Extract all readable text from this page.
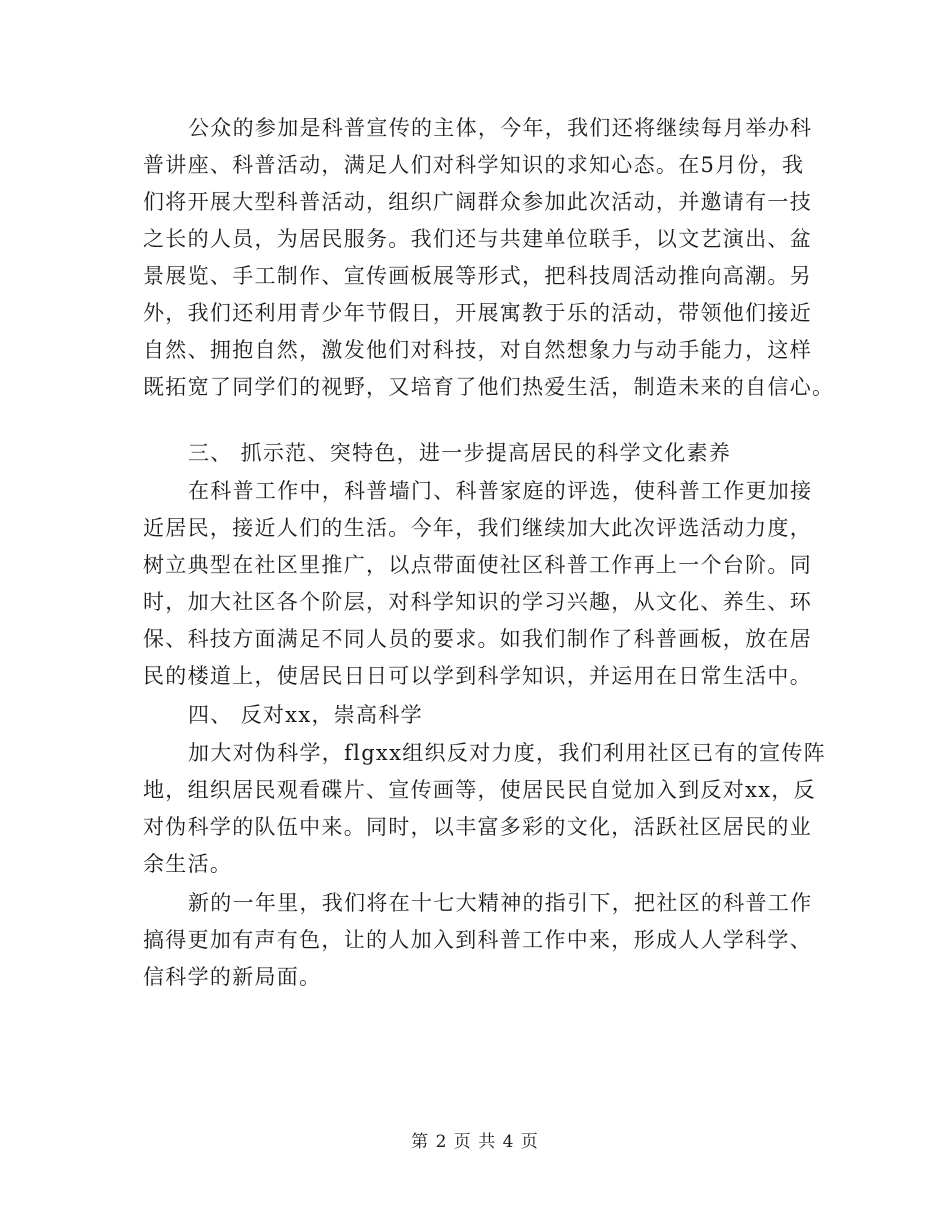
公众的参加是科普宣传的主体，今年，我们还将继续每月举办科
普讲座、科普活动，满足人们对科学知识的求知心态。在5月份，我
们将开展大型科普活动，组织广阔群众参加此次活动，并邀请有一技
之长的人员，为居民服务。我们还与共建单位联手，以文艺演出、盆
景展览、手工制作、宣传画板展等形式，把科技周活动推向高潮。另
外，我们还利用青少年节假日，开展寓教于乐的活动，带领他们接近
自然、拥抱自然，激发他们对科技，对自然想象力与动手能力，这样
既拓宽了同学们的视野，又培育了他们热爱生活，制造未来的自信心。
三、 抓示范、突特色，进一步提高居民的科学文化素养
在科普工作中，科普墙门、科普家庭的评选，使科普工作更加接
近居民，接近人们的生活。今年，我们继续加大此次评选活动力度，
树立典型在社区里推广，以点带面使社区科普工作再上一个台阶。同
时，加大社区各个阶层，对科学知识的学习兴趣，从文化、养生、环
保、科技方面满足不同人员的要求。如我们制作了科普画板，放在居
民的楼道上，使居民日日可以学到科学知识，并运用在日常生活中。
四、 反对xx，崇高科学
加大对伪科学，flgxx组织反对力度，我们利用社区已有的宣传阵
地，组织居民观看碟片、宣传画等，使居民民自觉加入到反对xx，反
对伪科学的队伍中来。同时，以丰富多彩的文化，活跃社区居民的业
余生活。
新的一年里，我们将在十七大精神的指引下，把社区的科普工作
搞得更加有声有色，让的人加入到科普工作中来，形成人人学科学、
信科学的新局面。
第 2 页 共 4 页
